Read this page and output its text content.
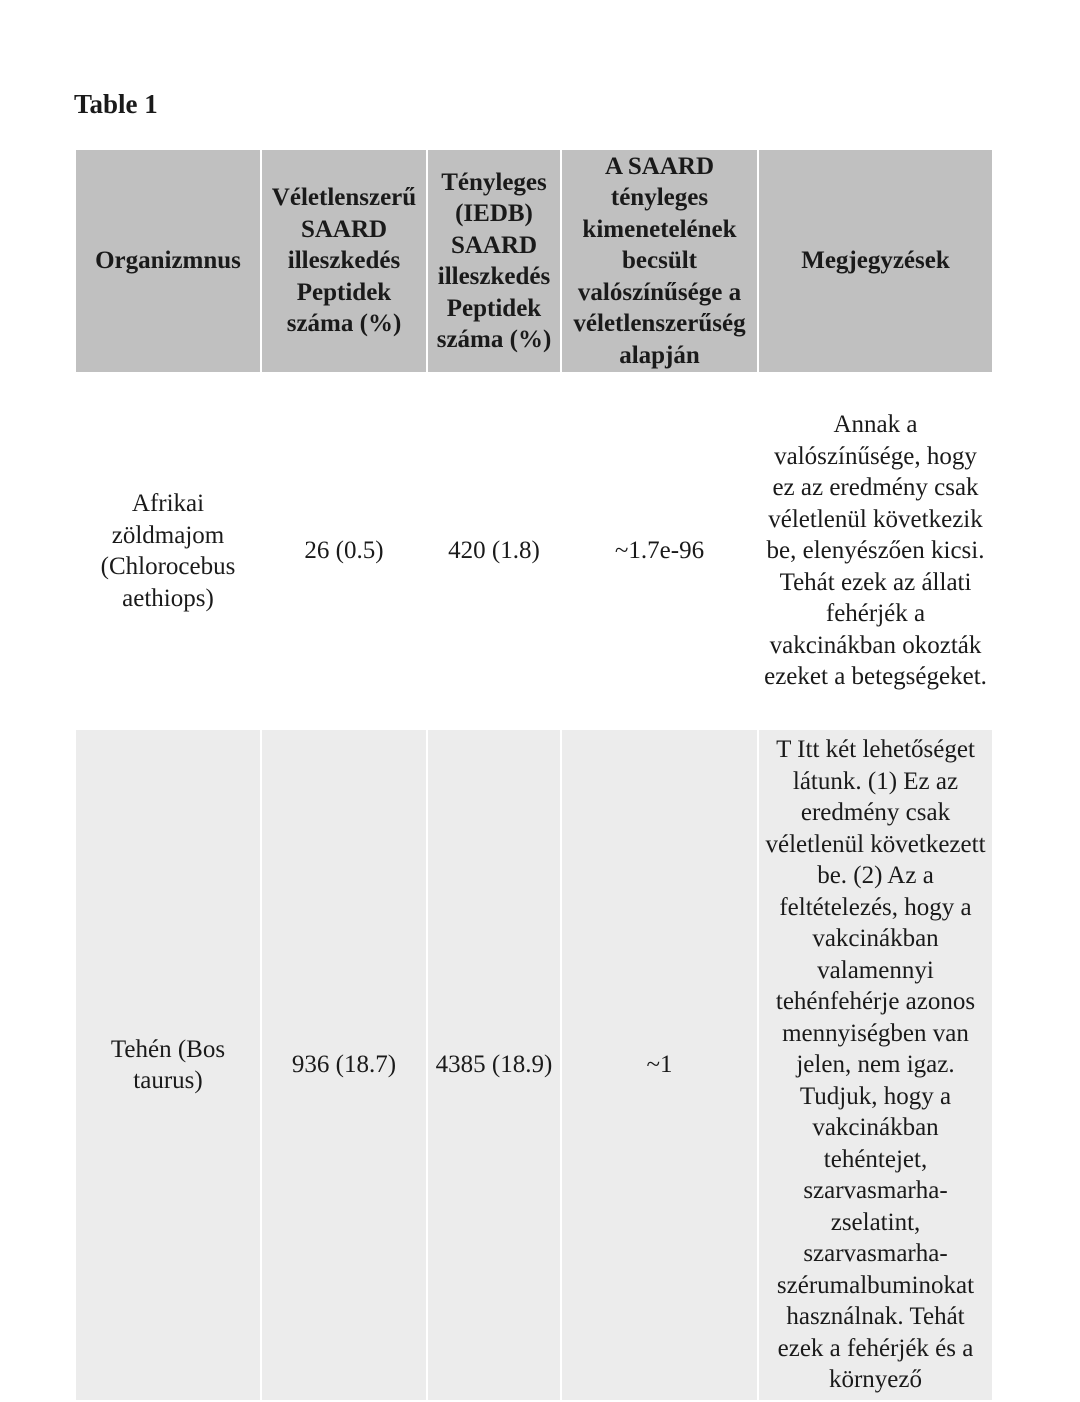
Table 1
Organizmnus	Véletlenszerű SAARD illeszkedés Peptidek száma (%)	Tényleges (IEDB) SAARD illeszkedés Peptidek száma (%)	A SAARD tényleges kimenetelének becsült valószínűsége a véletlenszerűség alapján	Megjegyzések
Afrikai zöldmajom (Chlorocebus aethiops)	26 (0.5)	420 (1.8)	~1.7e-96	Annak a valószínűsége, hogy ez az eredmény csak véletlenül következik be, elenyészően kicsi. Tehát ezek az állati fehérjék a vakcinákban okozták ezeket a betegségeket.
Tehén (Bos taurus)	936 (18.7)	4385 (18.9)	~1	T Itt két lehetőséget látunk. (1) Ez az eredmény csak véletlenül következett be. (2) Az a feltételezés, hogy a vakcinákban valamennyi tehénfehérje azonos mennyiségben van jelen, nem igaz. Tudjuk, hogy a vakcinákban tehéntejet, szarvasmarha-zselatint, szarvasmarha-szérumalbuminokat használnak. Tehát ezek a fehérjék és a környező
